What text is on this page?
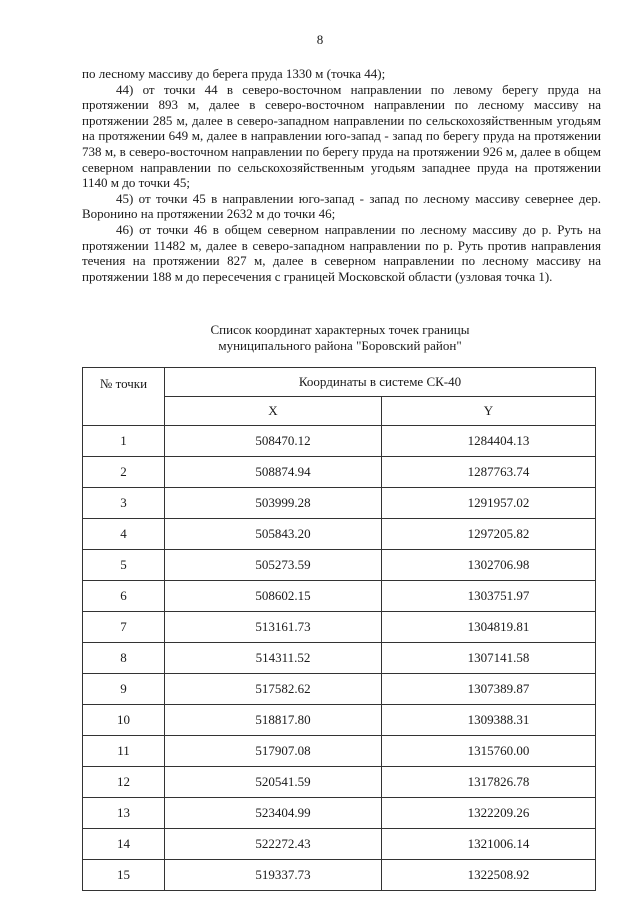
8

по лесному массиву до берега пруда 1330 м (точка 44);

44) от точки 44 в северо-восточном направлении по левому берегу пруда на протяжении 893 м, далее в северо-восточном направлении по лесному массиву на протяжении 285 м, далее в северо-западном направлении по сельскохозяйственным угодьям на протяжении 649 м, далее в направлении юго-запад - запад по берегу пруда на протяжении 738 м, в северо-восточном направлении по берегу пруда на протяжении 926 м, далее в общем северном направлении по сельскохозяйственным угодьям западнее пруда на протяжении 1140 м до точки 45;

45) от точки 45 в направлении юго-запад - запад по лесному массиву севернее дер. Воронино на протяжении 2632 м до точки 46;

46) от точки 46 в общем северном направлении по лесному массиву до р. Руть на протяжении 11482 м, далее в северо-западном направлении по р. Руть против направления течения на протяжении 827 м, далее в северном направлении по лесному массиву на протяжении 188 м до пересечения с границей Московской области (узловая точка 1).

Список координат характерных точек границы
муниципального района "Боровский район"
№ точки	Координаты в системе СК-40	
	X	Y
1	508470.12	1284404.13
2	508874.94	1287763.74
3	503999.28	1291957.02
4	505843.20	1297205.82
5	505273.59	1302706.98
6	508602.15	1303751.97
7	513161.73	1304819.81
8	514311.52	1307141.58
9	517582.62	1307389.87
10	518817.80	1309388.31
11	517907.08	1315760.00
12	520541.59	1317826.78
13	523404.99	1322209.26
14	522272.43	1321006.14
15	519337.73	1322508.92
